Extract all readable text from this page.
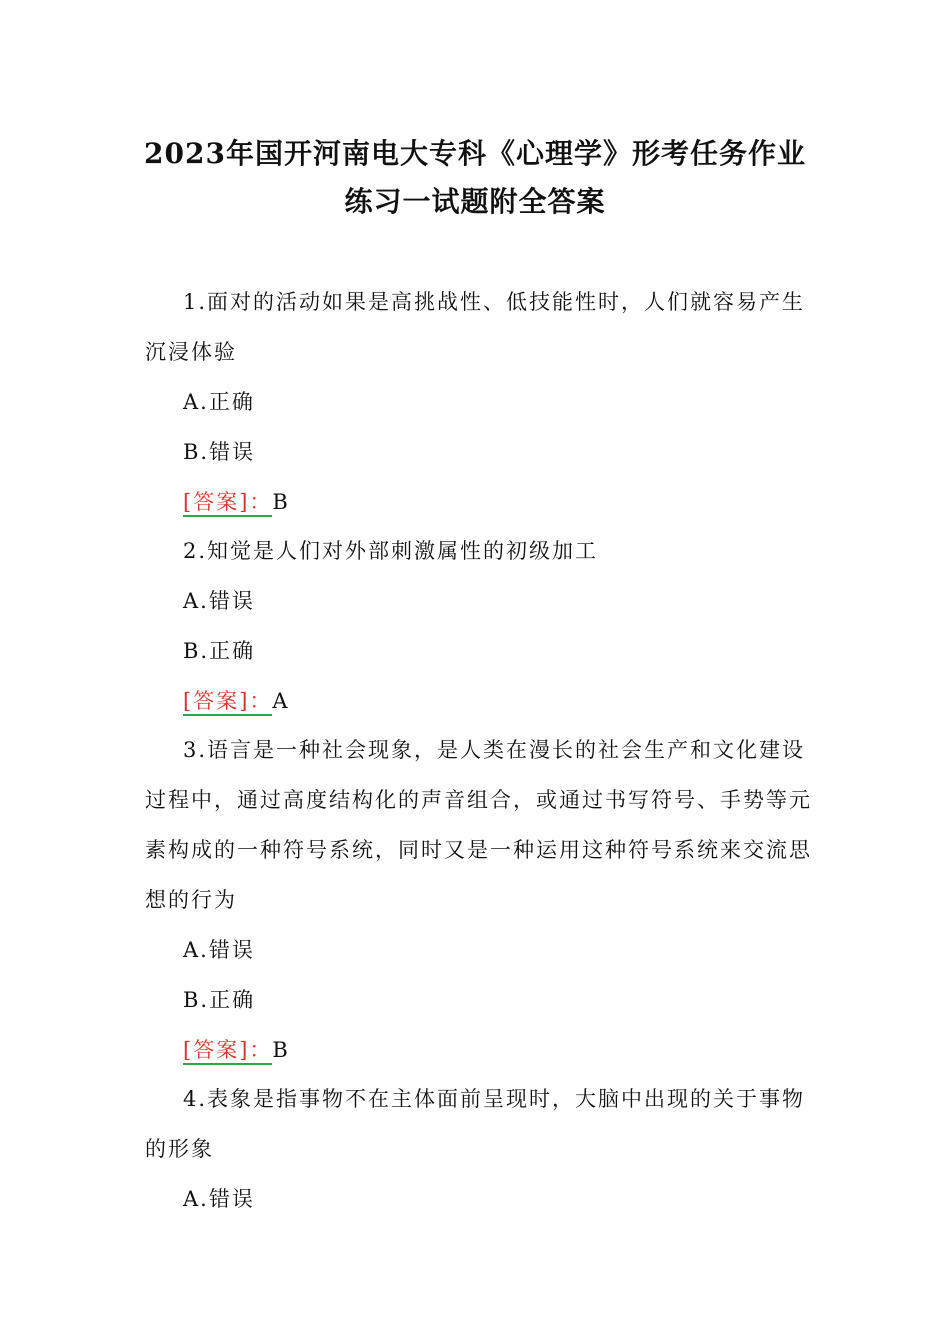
2023年国开河南电大专科《心理学》形考任务作业
练习一试题附全答案
1.面对的活动如果是高挑战性、低技能性时，人们就容易产生
沉浸体验
A.正确
B.错误
[答案]：B
2.知觉是人们对外部刺激属性的初级加工
A.错误
B.正确
[答案]：A
3.语言是一种社会现象，是人类在漫长的社会生产和文化建设
过程中，通过高度结构化的声音组合，或通过书写符号、手势等元
素构成的一种符号系统，同时又是一种运用这种符号系统来交流思
想的行为
A.错误
B.正确
[答案]：B
4.表象是指事物不在主体面前呈现时，大脑中出现的关于事物
的形象
A.错误
